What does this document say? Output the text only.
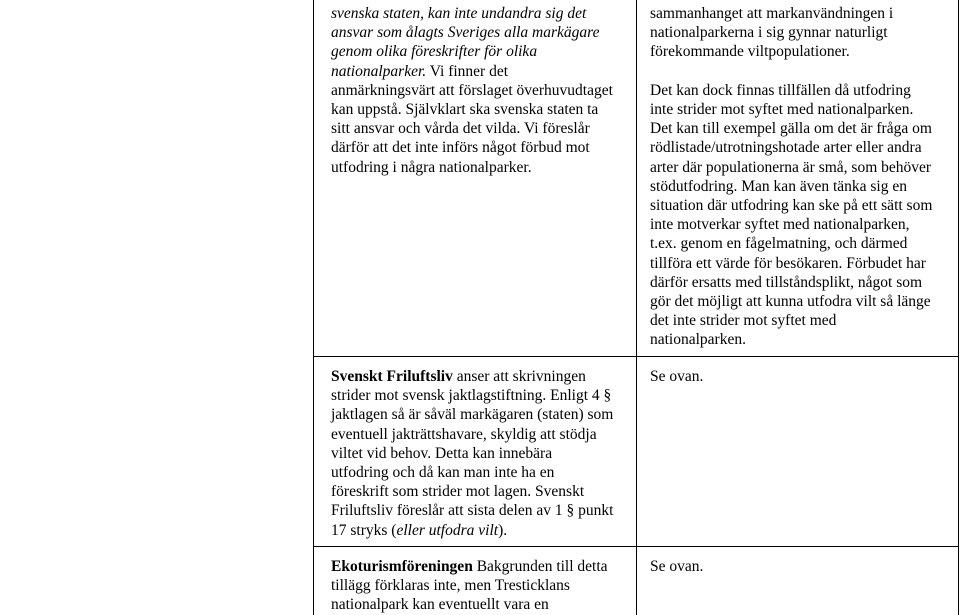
svenska staten, kan inte undandra sig det
ansvar som ålagts Sveriges alla markägare
genom olika föreskrifter för olika
nationalparker. Vi finner det
anmärkningsvärt att förslaget överhuvudtaget
kan uppstå. Självklart ska svenska staten ta
sitt ansvar och vårda det vilda. Vi föreslår
därför att det inte införs något förbud mot
utfodring i några nationalparker.
sammanhanget att markanvändningen i
nationalparkerna i sig gynnar naturligt
förekommande viltpopulationer.
Det kan dock finnas tillfällen då utfodring
inte strider mot syftet med nationalparken.
Det kan till exempel gälla om det är fråga om
rödlistade/utrotningshotade arter eller andra
arter där populationerna är små, som behöver
stödutfodring. Man kan även tänka sig en
situation där utfodring kan ske på ett sätt som
inte motverkar syftet med nationalparken,
t.ex. genom en fågelmatning, och därmed
tillföra ett värde för besökaren. Förbudet har
därför ersatts med tillståndsplikt, något som
gör det möjligt att kunna utfodra vilt så länge
det inte strider mot syftet med
nationalparken.
Svenskt Friluftsliv anser att skrivningen
strider mot svensk jaktlagstiftning. Enligt 4 §
jaktlagen så är såväl markägaren (staten) som
eventuell jakträttshavare, skyldig att stödja
viltet vid behov. Detta kan innebära
utfodring och då kan man inte ha en
föreskrift som strider mot lagen. Svenskt
Friluftsliv föreslår att sista delen av 1 § punkt
17 stryks (eller utfodra vilt).
Se ovan.
Ekoturismföreningen Bakgrunden till detta
tillägg förklaras inte, men Tresticklans
nationalpark kan eventuellt vara en
Se ovan.
